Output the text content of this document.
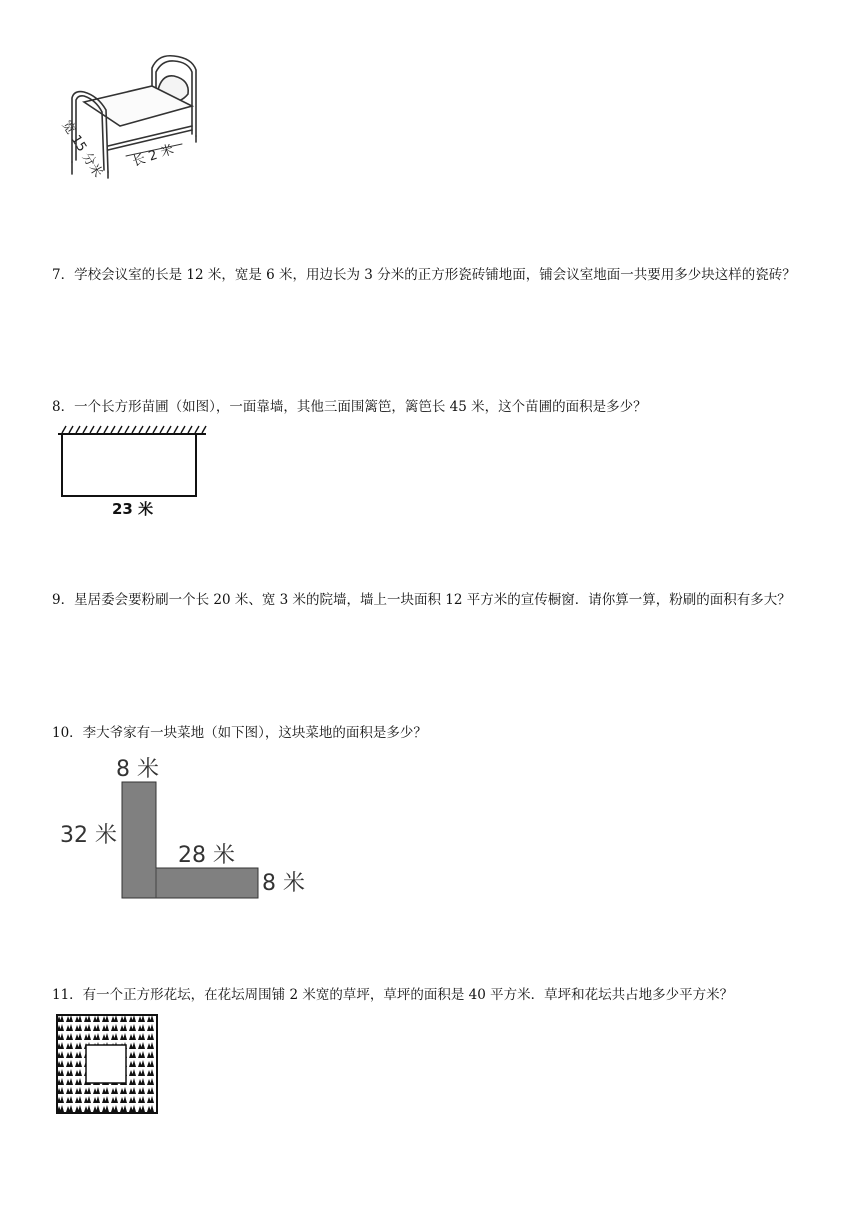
宽 15 分米 长 2 米

7．学校会议室的长是 12 米，宽是 6 米，用边长为 3 分米的正方形瓷砖铺地面，铺会议室地面一共要用多少块这样的瓷砖？

8．一个长方形苗圃（如图），一面靠墙，其他三面围篱笆，篱笆长 45 米，这个苗圃的面积是多少？

23 米

9．星居委会要粉刷一个长 20 米、宽 3 米的院墙，墙上一块面积 12 平方米的宣传橱窗．请你算一算，粉刷的面积有多大？

10．李大爷家有一块菜地（如下图），这块菜地的面积是多少？

8 米
32 米
28 米
8 米

11．有一个正方形花坛，在花坛周围铺 2 米宽的草坪，草坪的面积是 40 平方米．草坪和花坛共占地多少平方米？
